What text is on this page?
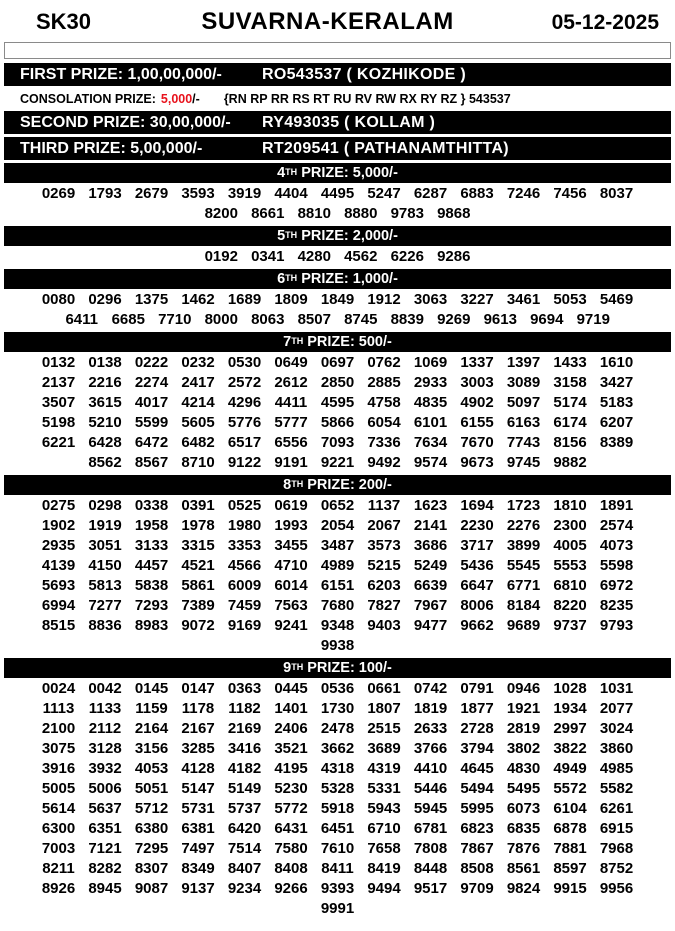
SK30	SUVARNA-KERALAM	05-12-2025
FIRST PRIZE: 1,00,00,000/-	RO543537 ( KOZHIKODE )
CONSOLATION PRIZE: 5,000 /- {RN RP RR RS RT RU RV RW RX RY RZ } 543537
SECOND PRIZE: 30,00,000/-	RY493035 ( KOLLAM )
THIRD PRIZE: 5,00,000/-	RT209541 ( PATHANAMTHITTA)
4TH PRIZE: 5,000/-
0269 1793 2679 3593 3919 4404 4495 5247 6287 6883 7246 7456 8037
8200 8661 8810 8880 9783 9868
5TH PRIZE: 2,000/-
0192 0341 4280 4562 6226 9286
6TH PRIZE: 1,000/-
0080 0296 1375 1462 1689 1809 1849 1912 3063 3227 3461 5053 5469
6411 6685 7710 8000 8063 8507 8745 8839 9269 9613 9694 9719
7TH PRIZE: 500/-
0132 0138 0222 0232 0530 0649 0697 0762 1069 1337 1397 1433 1610
2137 2216 2274 2417 2572 2612 2850 2885 2933 3003 3089 3158 3427
3507 3615 4017 4214 4296 4411 4595 4758 4835 4902 5097 5174 5183
5198 5210 5599 5605 5776 5777 5866 6054 6101 6155 6163 6174 6207
6221 6428 6472 6482 6517 6556 7093 7336 7634 7670 7743 8156 8389
8562 8567 8710 9122 9191 9221 9492 9574 9673 9745 9882
8TH PRIZE: 200/-
0275 0298 0338 0391 0525 0619 0652 1137 1623 1694 1723 1810 1891
1902 1919 1958 1978 1980 1993 2054 2067 2141 2230 2276 2300 2574
2935 3051 3133 3315 3353 3455 3487 3573 3686 3717 3899 4005 4073
4139 4150 4457 4521 4566 4710 4989 5215 5249 5436 5545 5553 5598
5693 5813 5838 5861 6009 6014 6151 6203 6639 6647 6771 6810 6972
6994 7277 7293 7389 7459 7563 7680 7827 7967 8006 8184 8220 8235
8515 8836 8983 9072 9169 9241 9348 9403 9477 9662 9689 9737 9793
9938
9TH PRIZE: 100/-
0024 0042 0145 0147 0363 0445 0536 0661 0742 0791 0946 1028 1031
1113 1133 1159 1178 1182 1401 1730 1807 1819 1877 1921 1934 2077
2100 2112 2164 2167 2169 2406 2478 2515 2633 2728 2819 2997 3024
3075 3128 3156 3285 3416 3521 3662 3689 3766 3794 3802 3822 3860
3916 3932 4053 4128 4182 4195 4318 4319 4410 4645 4830 4949 4985
5005 5006 5051 5147 5149 5230 5328 5331 5446 5494 5495 5572 5582
5614 5637 5712 5731 5737 5772 5918 5943 5945 5995 6073 6104 6261
6300 6351 6380 6381 6420 6431 6451 6710 6781 6823 6835 6878 6915
7003 7121 7295 7497 7514 7580 7610 7658 7808 7867 7876 7881 7968
8211 8282 8307 8349 8407 8408 8411 8419 8448 8508 8561 8597 8752
8926 8945 9087 9137 9234 9266 9393 9494 9517 9709 9824 9915 9956
9991
